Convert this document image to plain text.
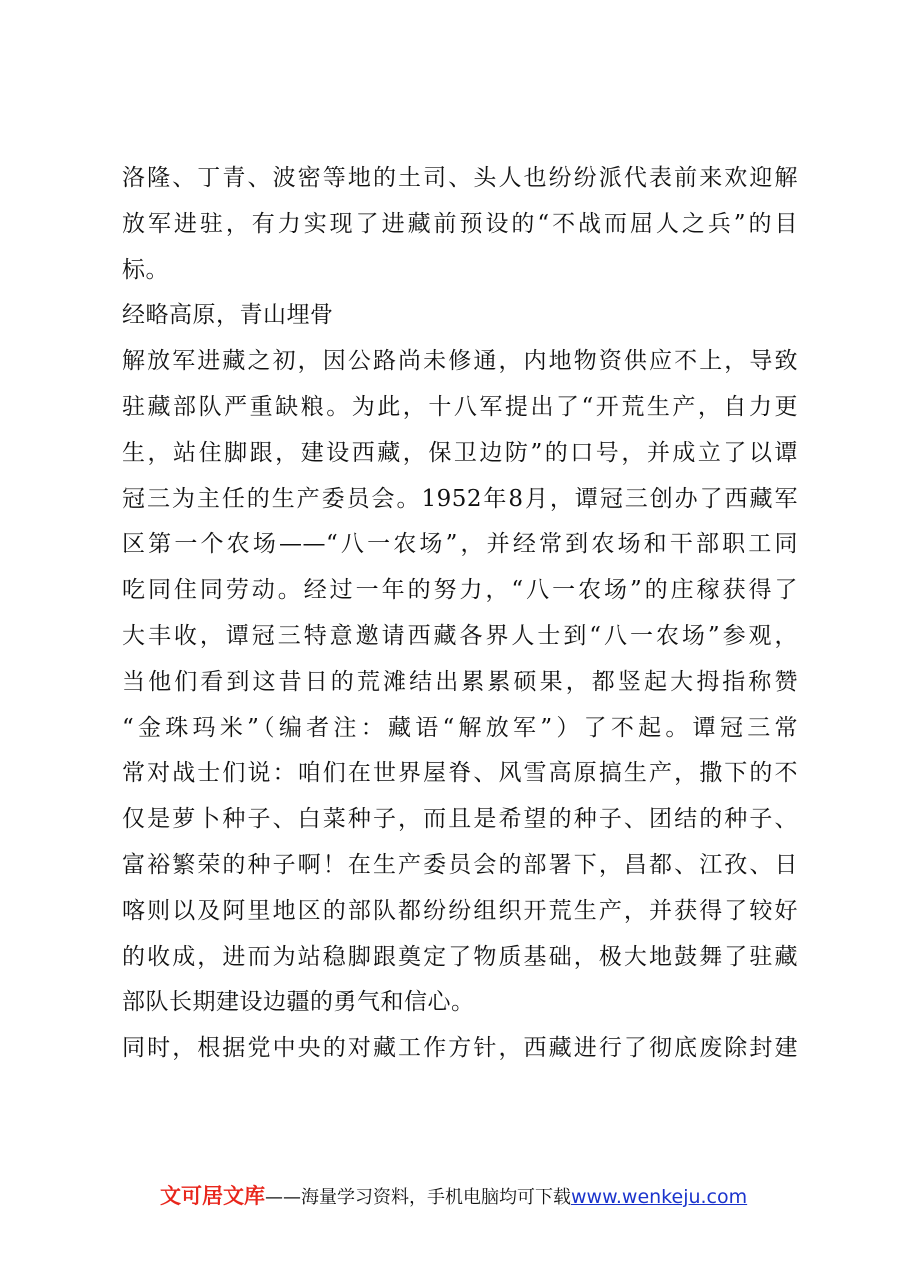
洛隆、丁青、波密等地的土司、头人也纷纷派代表前来欢迎解
放军进驻，有力实现了进藏前预设的“不战而屈人之兵”的目
标。
经略高原，青山埋骨
解放军进藏之初，因公路尚未修通，内地物资供应不上，导致
驻藏部队严重缺粮。为此，十八军提出了“开荒生产，自力更
生，站住脚跟，建设西藏，保卫边防”的口号，并成立了以谭
冠三为主任的生产委员会。1952年8月，谭冠三创办了西藏军
区第一个农场——“八一农场”，并经常到农场和干部职工同
吃同住同劳动。经过一年的努力，“八一农场”的庄稼获得了
大丰收，谭冠三特意邀请西藏各界人士到“八一农场”参观，
当他们看到这昔日的荒滩结出累累硕果，都竖起大拇指称赞
“金珠玛米”（编者注：藏语“解放军”）了不起。谭冠三常
常对战士们说：咱们在世界屋脊、风雪高原搞生产，撒下的不
仅是萝卜种子、白菜种子，而且是希望的种子、团结的种子、
富裕繁荣的种子啊！在生产委员会的部署下，昌都、江孜、日
喀则以及阿里地区的部队都纷纷组织开荒生产，并获得了较好
的收成，进而为站稳脚跟奠定了物质基础，极大地鼓舞了驻藏
部队长期建设边疆的勇气和信心。
同时，根据党中央的对藏工作方针，西藏进行了彻底废除封建
文可居文库——海量学习资料，手机电脑均可下载www.wenkeju.com
